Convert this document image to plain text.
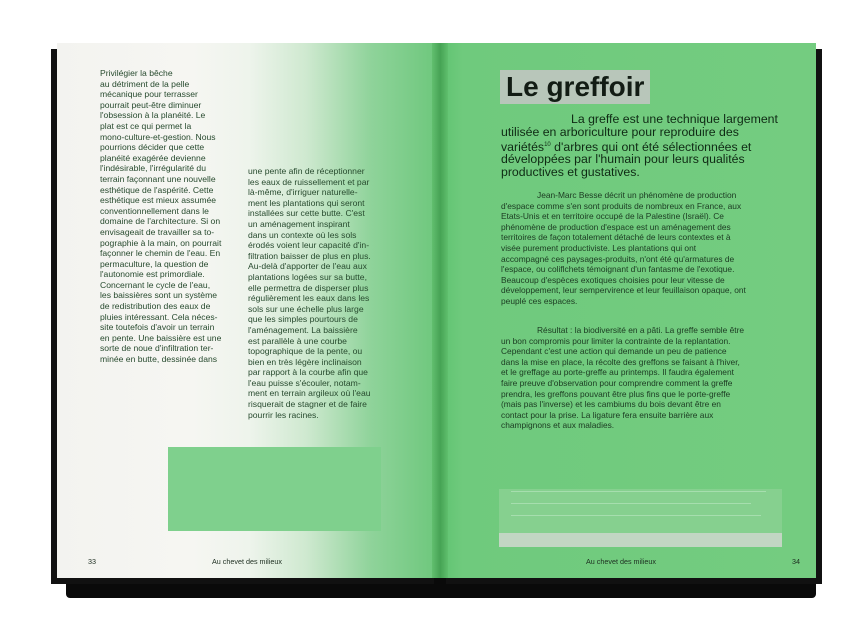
Privilégier la bêche
au détriment de la pelle
mécanique pour terrasser
pourrait peut-être diminuer
l'obsession à la planéité. Le
plat est ce qui permet la
mono-culture-et-gestion. Nous
pourrions décider que cette
planéité exagérée devienne
l'indésirable, l'irrégularité du
terrain façonnant une nouvelle
esthétique de l'aspérité. Cette
esthétique est mieux assumée
conventionnellement dans le
domaine de l'architecture. Si on
envisageait de travailler sa to-
pographie à la main, on pourrait
façonner le chemin de l'eau. En
permaculture, la question de
l'autonomie est primordiale.
Concernant le cycle de l'eau,
les baissières sont un système
de redistribution des eaux de
pluies intéressant. Cela néces-
site toutefois d'avoir un terrain
en pente. Une baissière est une
sorte de noue d'infiltration ter-
minée en butte, dessinée dans
une pente afin de réceptionner
les eaux de ruissellement et par
là-même, d'irriguer naturelle-
ment les plantations qui seront
installées sur cette butte. C'est
un aménagement inspirant
dans un contexte où les sols
érodés voient leur capacité d'in-
filtration baisser de plus en plus.
Au-delà d'apporter de l'eau aux
plantations logées sur sa butte,
elle permettra de disperser plus
régulièrement les eaux dans les
sols sur une échelle plus large
que les simples pourtours de
l'aménagement. La baissière
est parallèle à une courbe
topographique de la pente, ou
bien en très légère inclinaison
par rapport à la courbe afin que
l'eau puisse s'écouler, notam-
ment en terrain argileux où l'eau
risquerait de stagner et de faire
pourrir les racines.
Le greffoir
La greffe est une technique largement utilisée en arboriculture pour reproduire des variétés$^{10}$ d'arbres qui ont été sélectionnées et développées par l'humain pour leurs qualités productives et gustatives.
Jean-Marc Besse décrit un phénomène de production d'espace comme s'en sont produits de nombreux en France, aux Etats-Unis et en territoire occupé de la Palestine (Israël). Ce phénomène de production d'espace est un aménagement des territoires de façon totalement détaché de leurs contextes et à visée purement productiviste. Les plantations qui ont accompagné ces paysages-produits, n'ont été qu'armatures de l'espace, ou coliflchets témoignant d'un fantasme de l'exotique. Beaucoup d'espèces exotiques choisies pour leur vitesse de développement, leur sempervirence et leur feuillaison opaque, ont peuplé ces espaces.
Résultat : la biodiversité en a pâti. La greffe semble être un bon compromis pour limiter la contrainte de la replantation. Cependant c'est une action qui demande un peu de patience dans la mise en place, la récolte des greffons se faisant à l'hiver, et le greffage au porte-greffe au printemps. Il faudra également faire preuve d'observation pour comprendre comment la greffe prendra, les greffons pouvant être plus fins que le porte-greffe (mais pas l'inverse) et les cambiums du bois devant être en contact pour la prise. La ligature fera ensuite barrière aux champignons et aux maladies.
33	Au chevet des milieux	Au chevet des milieux	34
